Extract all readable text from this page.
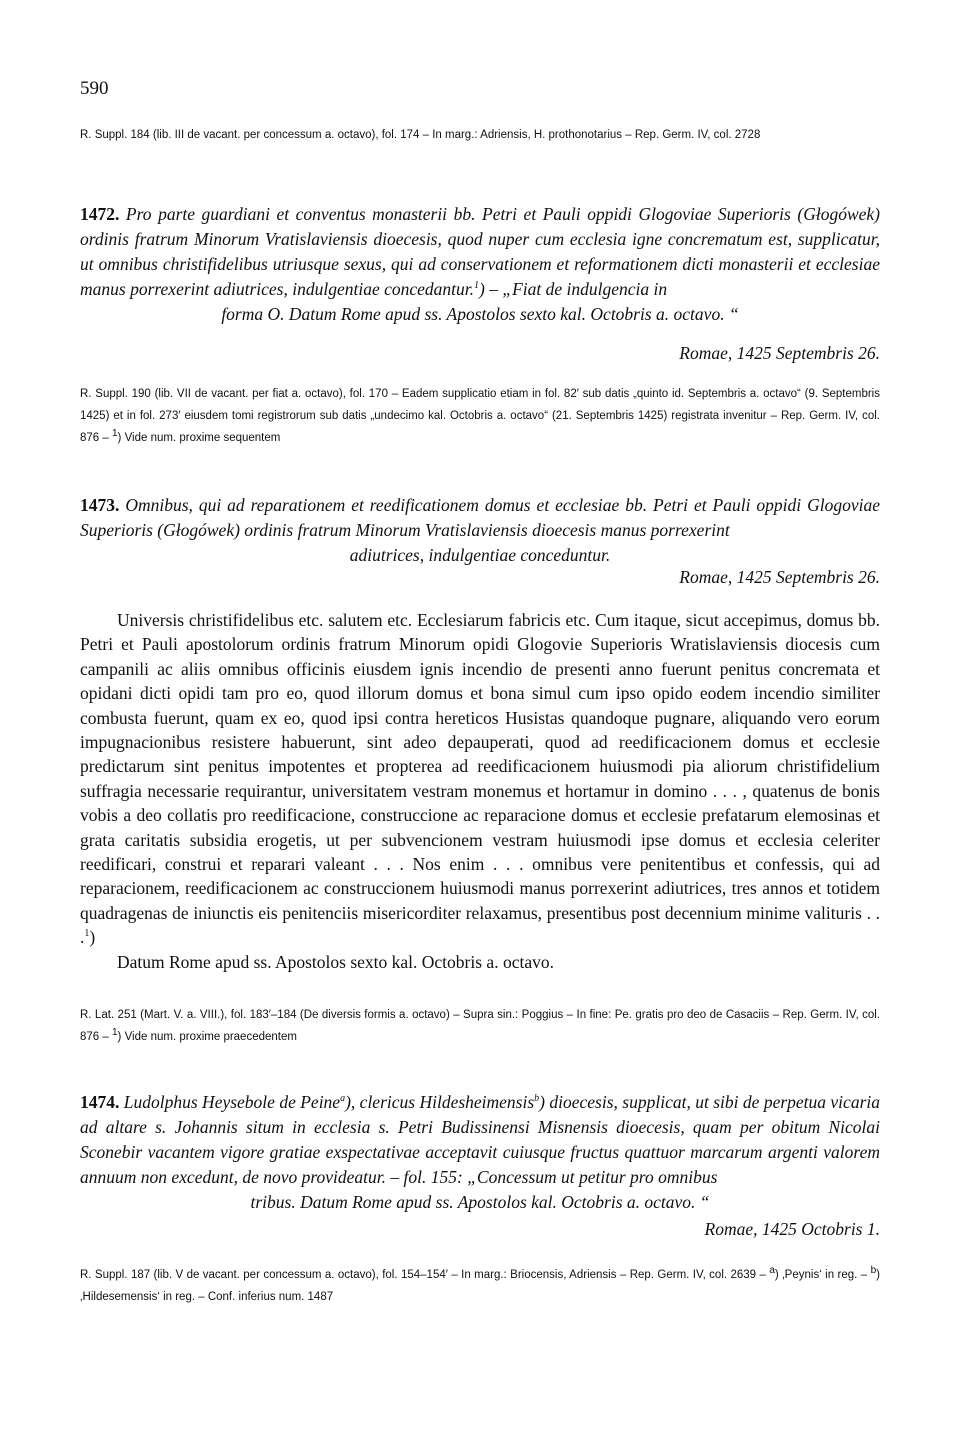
590
R. Suppl. 184 (lib. III de vacant. per concessum a. octavo), fol. 174 – In marg.: Adriensis, H. prothonotarius – Rep. Germ. IV, col. 2728
1472. Pro parte guardiani et conventus monasterii bb. Petri et Pauli oppidi Glogoviae Superioris (Głogówek) ordinis fratrum Minorum Vratislaviensis dioecesis, quod nuper cum ecclesia igne concrematum est, supplicatur, ut omnibus christifidelibus utriusque sexus, qui ad conservationem et reformationem dicti monasterii et ecclesiae manus porrexerint adiutrices, indulgentiae concedantur.$^1$) – „Fiat de indulgencia in
forma O. Datum Rome apud ss. Apostolos sexto kal. Octobris a. octavo. “
Romae, 1425 Septembris 26.
R. Suppl. 190 (lib. VII de vacant. per fiat a. octavo), fol. 170 – Eadem supplicatio etiam in fol. 82′ sub datis „quinto id. Septembris a. octavo“ (9. Septembris 1425) et in fol. 273′ eiusdem tomi registrorum sub datis „undecimo kal. Octobris a. octavo“ (21. Septembris 1425) registrata invenitur – Rep. Germ. IV, col. 876 – $^1$) Vide num. proxime sequentem
1473. Omnibus, qui ad reparationem et reedificationem domus et ecclesiae bb. Petri et Pauli oppidi Glogoviae Superioris (Głogówek) ordinis fratrum Minorum Vratislaviensis dioecesis manus porrexerint
adiutrices, indulgentiae conceduntur.
Romae, 1425 Septembris 26.

Universis christifidelibus etc. salutem etc. Ecclesiarum fabricis etc. Cum itaque, sicut accepimus, domus bb. Petri et Pauli apostolorum ordinis fratrum Minorum opidi Glogovie Superioris Wratislaviensis diocesis cum campanili ac aliis omnibus officinis eiusdem ignis incendio de presenti anno fuerunt penitus concremata et opidani dicti opidi tam pro eo, quod illorum domus et bona simul cum ipso opido eodem incendio similiter combusta fuerunt, quam ex eo, quod ipsi contra hereticos Husistas quandoque pugnare, aliquando vero eorum impugnacionibus resistere habuerunt, sint adeo depauperati, quod ad reedificacionem domus et ecclesie predictarum sint penitus impotentes et propterea ad reedificacionem huiusmodi pia aliorum christifidelium suffragia necessarie requirantur, universitatem vestram monemus et hortamur in domino . . . , quatenus de bonis vobis a deo collatis pro reedificacione, construccione ac reparacione domus et ecclesie prefatarum elemosinas et grata caritatis subsidia erogetis, ut per subvencionem vestram huiusmodi ipse domus et ecclesia celeriter reedificari, construi et reparari valeant . . . Nos enim . . . omnibus vere penitentibus et confessis, qui ad reparacionem, reedificacionem ac construccionem huiusmodi manus porrexerint adiutrices, tres annos et totidem quadragenas de iniunctis eis penitenciis misericorditer relaxamus, presentibus post decennium minime valituris . . .$^1$)

Datum Rome apud ss. Apostolos sexto kal. Octobris a. octavo.

R. Lat. 251 (Mart. V. a. VIII.), fol. 183′–184 (De diversis formis a. octavo) – Supra sin.: Poggius – In fine: Pe. gratis pro deo de Casaciis – Rep. Germ. IV, col. 876 – $^1$) Vide num. proxime praecedentem
1474. Ludolphus Heysebole de Peine$^a$), clericus Hildesheimensis$^b$) dioecesis, supplicat, ut sibi de perpetua vicaria ad altare s. Johannis situm in ecclesia s. Petri Budissinensi Misnensis dioecesis, quam per obitum Nicolai Sconebir vacantem vigore gratiae exspectativae acceptavit cuiusque fructus quattuor marcarum argenti valorem annuum non excedunt, de novo provideatur. – fol. 155: „Concessum ut petitur pro omnibus
tribus. Datum Rome apud ss. Apostolos kal. Octobris a. octavo. “
Romae, 1425 Octobris 1.
R. Suppl. 187 (lib. V de vacant. per concessum a. octavo), fol. 154–154′ – In marg.: Briocensis, Adriensis – Rep. Germ. IV, col. 2639 – $^a$) ‚Peynis‘ in reg. – $^b$) ‚Hildesemensis‘ in reg. – Conf. inferius num. 1487
